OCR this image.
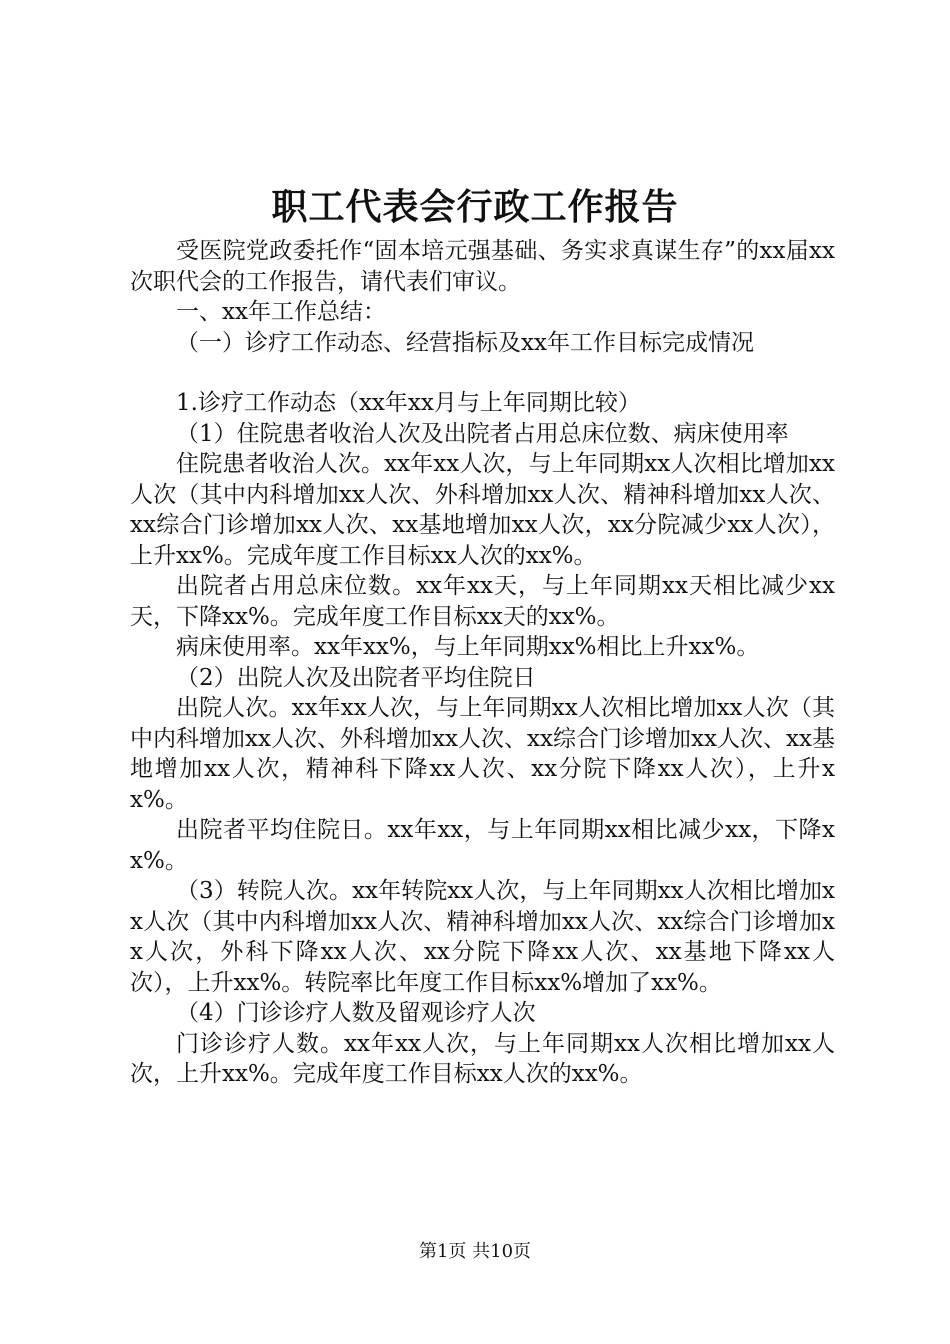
职工代表会行政工作报告

受医院党政委托作“固本培元强基础、务实求真谋生存”的xx届xx次职代会的工作报告，请代表们审议。

一、xx年工作总结：

（一）诊疗工作动态、经营指标及xx年工作目标完成情况

1.诊疗工作动态（xx年xx月与上年同期比较）

（1）住院患者收治人次及出院者占用总床位数、病床使用率

住院患者收治人次。xx年xx人次，与上年同期xx人次相比增加xx人次（其中内科增加xx人次、外科增加xx人次、精神科增加xx人次、xx综合门诊增加xx人次、xx基地增加xx人次，xx分院减少xx人次），上升xx%。完成年度工作目标xx人次的xx%。

出院者占用总床位数。xx年xx天，与上年同期xx天相比减少xx天，下降xx%。完成年度工作目标xx天的xx%。

病床使用率。xx年xx%，与上年同期xx%相比上升xx%。

（2）出院人次及出院者平均住院日

出院人次。xx年xx人次，与上年同期xx人次相比增加xx人次（其中内科增加xx人次、外科增加xx人次、xx综合门诊增加xx人次、xx基地增加xx人次，精神科下降xx人次、xx分院下降xx人次），上升xx%。

出院者平均住院日。xx年xx，与上年同期xx相比减少xx，下降xx%。

（3）转院人次。xx年转院xx人次，与上年同期xx人次相比增加xx人次（其中内科增加xx人次、精神科增加xx人次、xx综合门诊增加xx人次，外科下降xx人次、xx分院下降xx人次、xx基地下降xx人次），上升xx%。转院率比年度工作目标xx%增加了xx%。

（4）门诊诊疗人数及留观诊疗人次

门诊诊疗人数。xx年xx人次，与上年同期xx人次相比增加xx人次，上升xx%。完成年度工作目标xx人次的xx%。

第1页 共10页
